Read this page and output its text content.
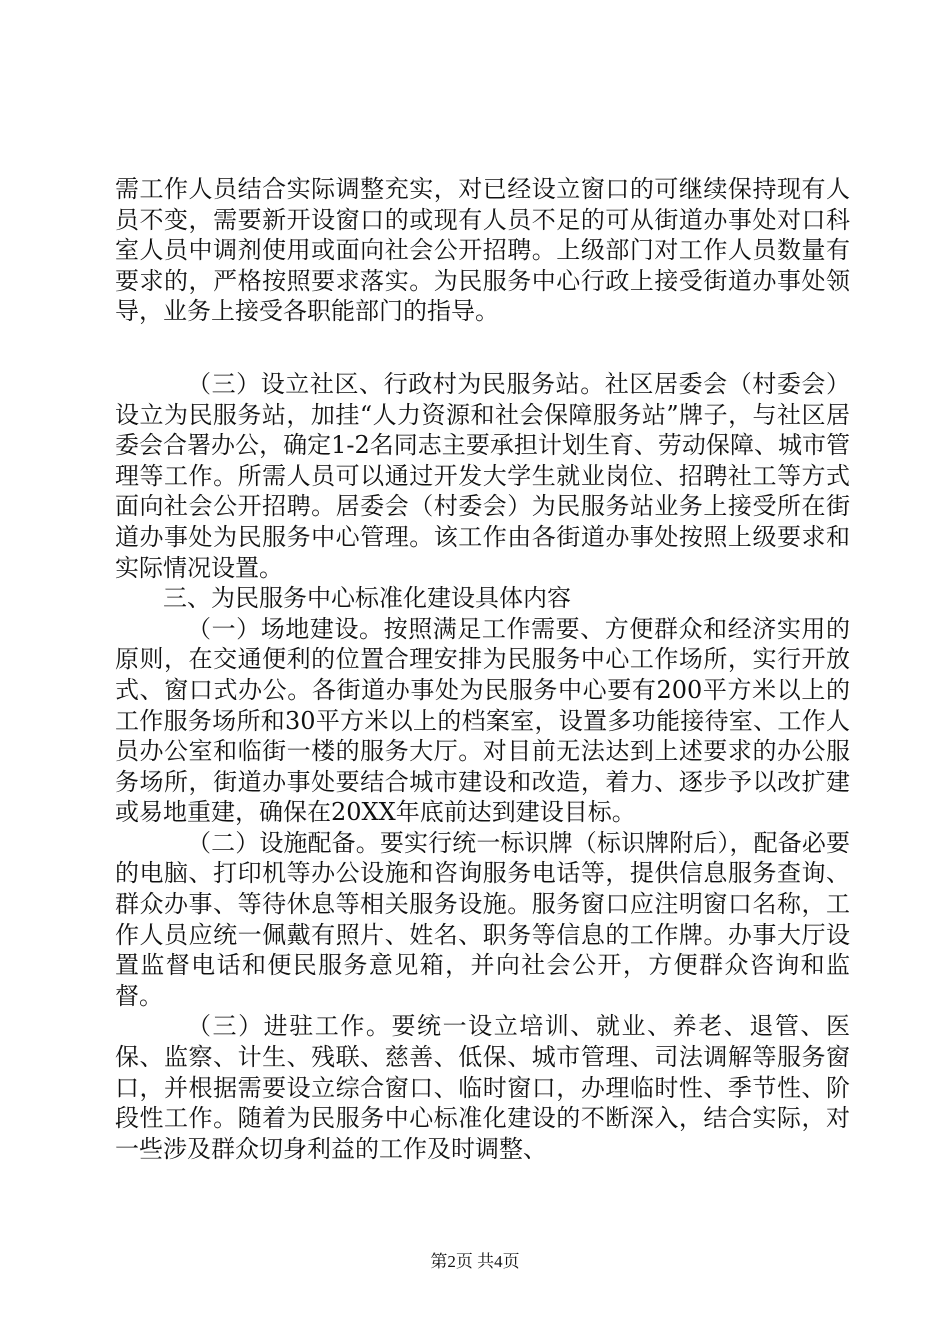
需工作人员结合实际调整充实，对已经设立窗口的可继续保持现有人员不变，需要新开设窗口的或现有人员不足的可从街道办事处对口科室人员中调剂使用或面向社会公开招聘。上级部门对工作人员数量有要求的，严格按照要求落实。为民服务中心行政上接受街道办事处领导，业务上接受各职能部门的指导。

（三）设立社区、行政村为民服务站。社区居委会（村委会）设立为民服务站，加挂“人力资源和社会保障服务站”牌子，与社区居委会合署办公，确定1-2名同志主要承担计划生育、劳动保障、城市管理等工作。所需人员可以通过开发大学生就业岗位、招聘社工等方式面向社会公开招聘。居委会（村委会）为民服务站业务上接受所在街道办事处为民服务中心管理。该工作由各街道办事处按照上级要求和实际情况设置。

三、为民服务中心标准化建设具体内容

（一）场地建设。按照满足工作需要、方便群众和经济实用的原则，在交通便利的位置合理安排为民服务中心工作场所，实行开放式、窗口式办公。各街道办事处为民服务中心要有200平方米以上的工作服务场所和30平方米以上的档案室，设置多功能接待室、工作人员办公室和临街一楼的服务大厅。对目前无法达到上述要求的办公服务场所，街道办事处要结合城市建设和改造，着力、逐步予以改扩建或易地重建，确保在20XX年底前达到建设目标。

（二）设施配备。要实行统一标识牌（标识牌附后），配备必要的电脑、打印机等办公设施和咨询服务电话等，提供信息服务查询、群众办事、等待休息等相关服务设施。服务窗口应注明窗口名称，工作人员应统一佩戴有照片、姓名、职务等信息的工作牌。办事大厅设置监督电话和便民服务意见箱，并向社会公开，方便群众咨询和监督。

（三）进驻工作。要统一设立培训、就业、养老、退管、医保、监察、计生、残联、慈善、低保、城市管理、司法调解等服务窗口，并根据需要设立综合窗口、临时窗口，办理临时性、季节性、阶段性工作。随着为民服务中心标准化建设的不断深入，结合实际，对一些涉及群众切身利益的工作及时调整、

第2页 共4页
